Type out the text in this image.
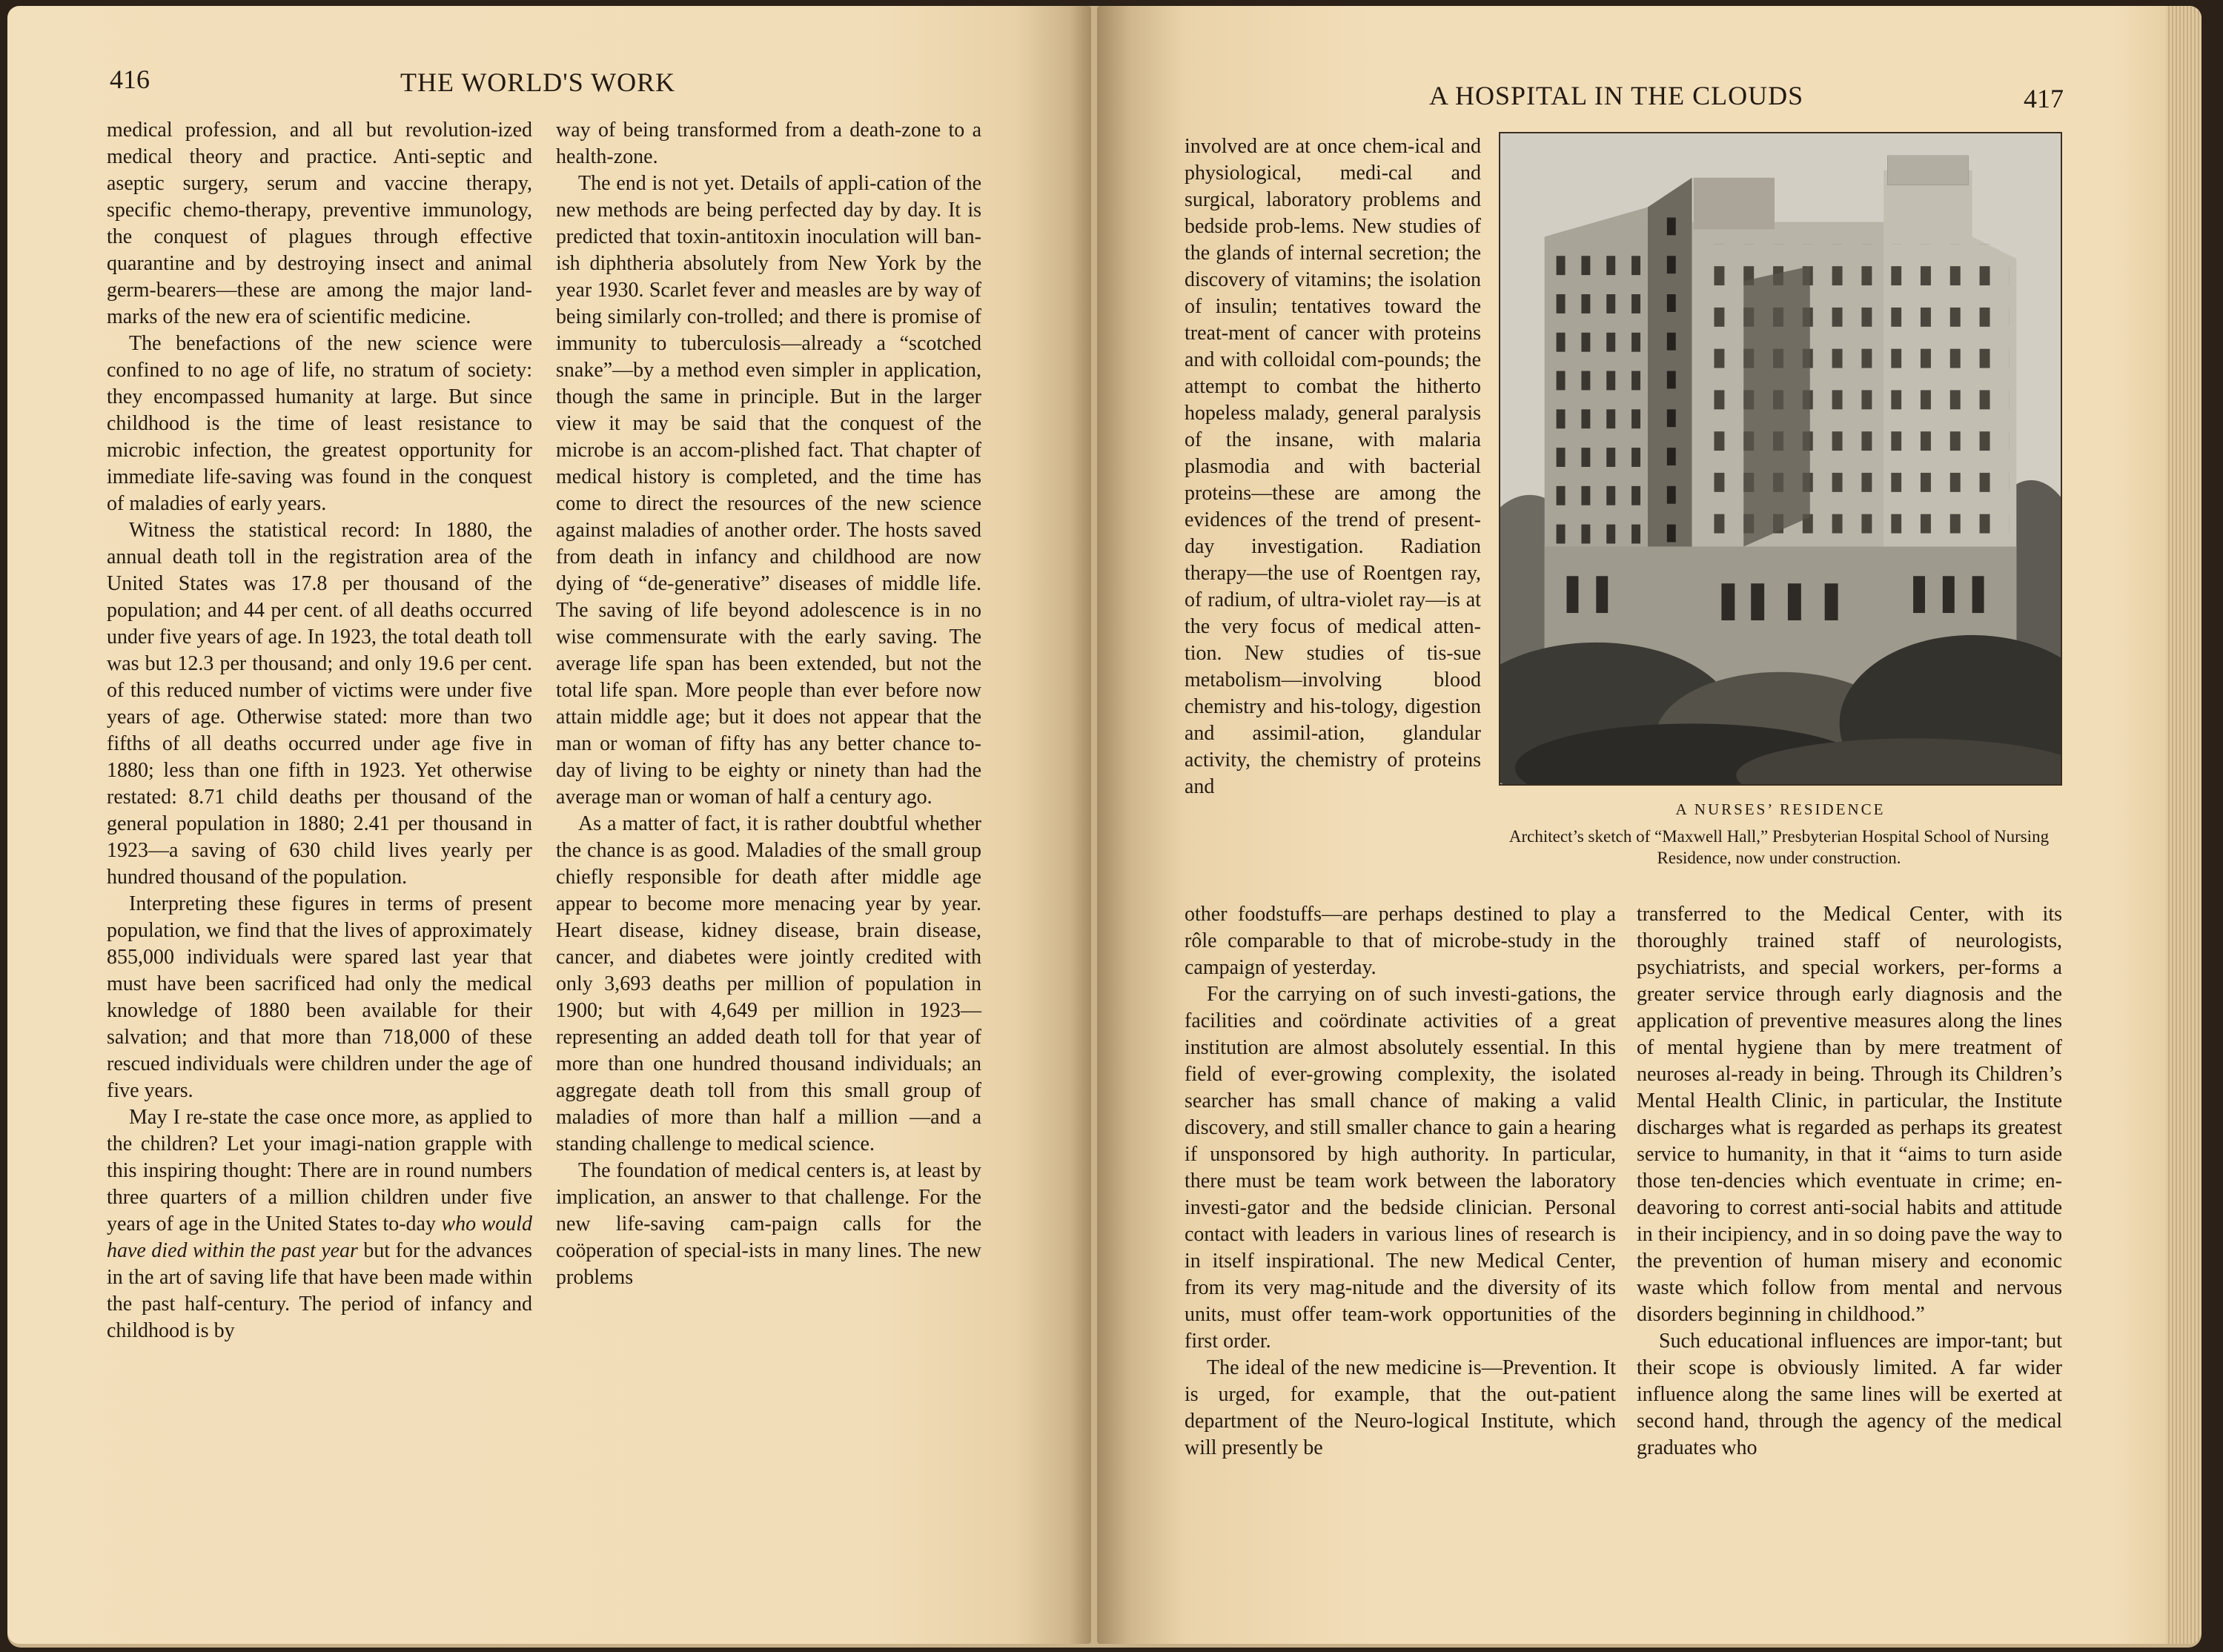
416	THE WORLD'S WORK

medical profession, and all but revolution-ized medical theory and practice. Anti-septic and aseptic surgery, serum and vaccine therapy, specific chemo-therapy, preventive immunology, the conquest of plagues through effective quarantine and by destroying insect and animal germ-bearers—these are among the major land-marks of the new era of scientific medicine.

The benefactions of the new science were confined to no age of life, no stratum of society: they encompassed humanity at large. But since childhood is the time of least resistance to microbic infection, the greatest opportunity for immediate life-saving was found in the conquest of maladies of early years.

Witness the statistical record: In 1880, the annual death toll in the registration area of the United States was 17.8 per thousand of the population; and 44 per cent. of all deaths occurred under five years of age. In 1923, the total death toll was but 12.3 per thousand; and only 19.6 per cent. of this reduced number of victims were under five years of age. Otherwise stated: more than two fifths of all deaths occurred under age five in 1880; less than one fifth in 1923. Yet otherwise restated: 8.71 child deaths per thousand of the general population in 1880; 2.41 per thousand in 1923—a saving of 630 child lives yearly per hundred thousand of the population.

Interpreting these figures in terms of present population, we find that the lives of approximately 855,000 individuals were spared last year that must have been sacrificed had only the medical knowledge of 1880 been available for their salvation; and that more than 718,000 of these rescued individuals were children under the age of five years.

May I re-state the case once more, as applied to the children? Let your imagi-nation grapple with this inspiring thought: There are in round numbers three quarters of a million children under five years of age in the United States to-day who would have died within the past year but for the advances in the art of saving life that have been made within the past half-century. The period of infancy and childhood is by

way of being transformed from a death-zone to a health-zone.

The end is not yet. Details of appli-cation of the new methods are being perfected day by day. It is predicted that toxin-antitoxin inoculation will ban-ish diphtheria absolutely from New York by the year 1930. Scarlet fever and measles are by way of being similarly con-trolled; and there is promise of immunity to tuberculosis—already a “scotched snake”—by a method even simpler in application, though the same in principle. But in the larger view it may be said that the conquest of the microbe is an accom-plished fact. That chapter of medical history is completed, and the time has come to direct the resources of the new science against maladies of another order. The hosts saved from death in infancy and childhood are now dying of “de-generative” diseases of middle life. The saving of life beyond adolescence is in no wise commensurate with the early saving. The average life span has been extended, but not the total life span. More people than ever before now attain middle age; but it does not appear that the man or woman of fifty has any better chance to-day of living to be eighty or ninety than had the average man or woman of half a century ago.

As a matter of fact, it is rather doubtful whether the chance is as good. Maladies of the small group chiefly responsible for death after middle age appear to become more menacing year by year. Heart disease, kidney disease, brain disease, cancer, and diabetes were jointly credited with only 3,693 deaths per million of population in 1900; but with 4,649 per million in 1923—representing an added death toll for that year of more than one hundred thousand individuals; an aggregate death toll from this small group of maladies of more than half a million —and a standing challenge to medical science.

The foundation of medical centers is, at least by implication, an answer to that challenge. For the new life-saving cam-paign calls for the coöperation of special-ists in many lines. The new problems

A HOSPITAL IN THE CLOUDS	417

involved are at once chem-ical and physiological, medi-cal and surgical, laboratory problems and bedside prob-lems. New studies of the glands of internal secretion; the discovery of vitamins; the isolation of insulin; tentatives toward the treat-ment of cancer with proteins and with colloidal com-pounds; the attempt to combat the hitherto hopeless malady, general paralysis of the insane, with malaria plasmodia and with bacterial proteins—these are among the evidences of the trend of present-day investigation. Radiation therapy—the use of Roentgen ray, of radium, of ultra-violet ray—is at the very focus of medical atten-tion. New studies of tis-sue metabolism—involving blood chemistry and his-tology, digestion and assimil-ation, glandular activity, the chemistry of proteins and

A NURSES’ RESIDENCE
Architect’s sketch of “Maxwell Hall,” Presbyterian Hospital School of Nursing Residence, now under construction.

other foodstuffs—are perhaps destined to play a rôle comparable to that of microbe-study in the campaign of yesterday.

For the carrying on of such investi-gations, the facilities and coördinate activities of a great institution are almost absolutely essential. In this field of ever-growing complexity, the isolated searcher has small chance of making a valid discovery, and still smaller chance to gain a hearing if unsponsored by high authority. In particular, there must be team work between the laboratory investi-gator and the bedside clinician. Personal contact with leaders in various lines of research is in itself inspirational. The new Medical Center, from its very mag-nitude and the diversity of its units, must offer team-work opportunities of the first order.

The ideal of the new medicine is—Prevention. It is urged, for example, that the out-patient department of the Neuro-logical Institute, which will presently be

transferred to the Medical Center, with its thoroughly trained staff of neurologists, psychiatrists, and special workers, per-forms a greater service through early diagnosis and the application of preventive measures along the lines of mental hygiene than by mere treatment of neuroses al-ready in being. Through its Children’s Mental Health Clinic, in particular, the Institute discharges what is regarded as perhaps its greatest service to humanity, in that it “aims to turn aside those ten-dencies which eventuate in crime; en-deavoring to correst anti-social habits and attitude in their incipiency, and in so doing pave the way to the prevention of human misery and economic waste which follow from mental and nervous disorders beginning in childhood.”

Such educational influences are impor-tant; but their scope is obviously limited. A far wider influence along the same lines will be exerted at second hand, through the agency of the medical graduates who
